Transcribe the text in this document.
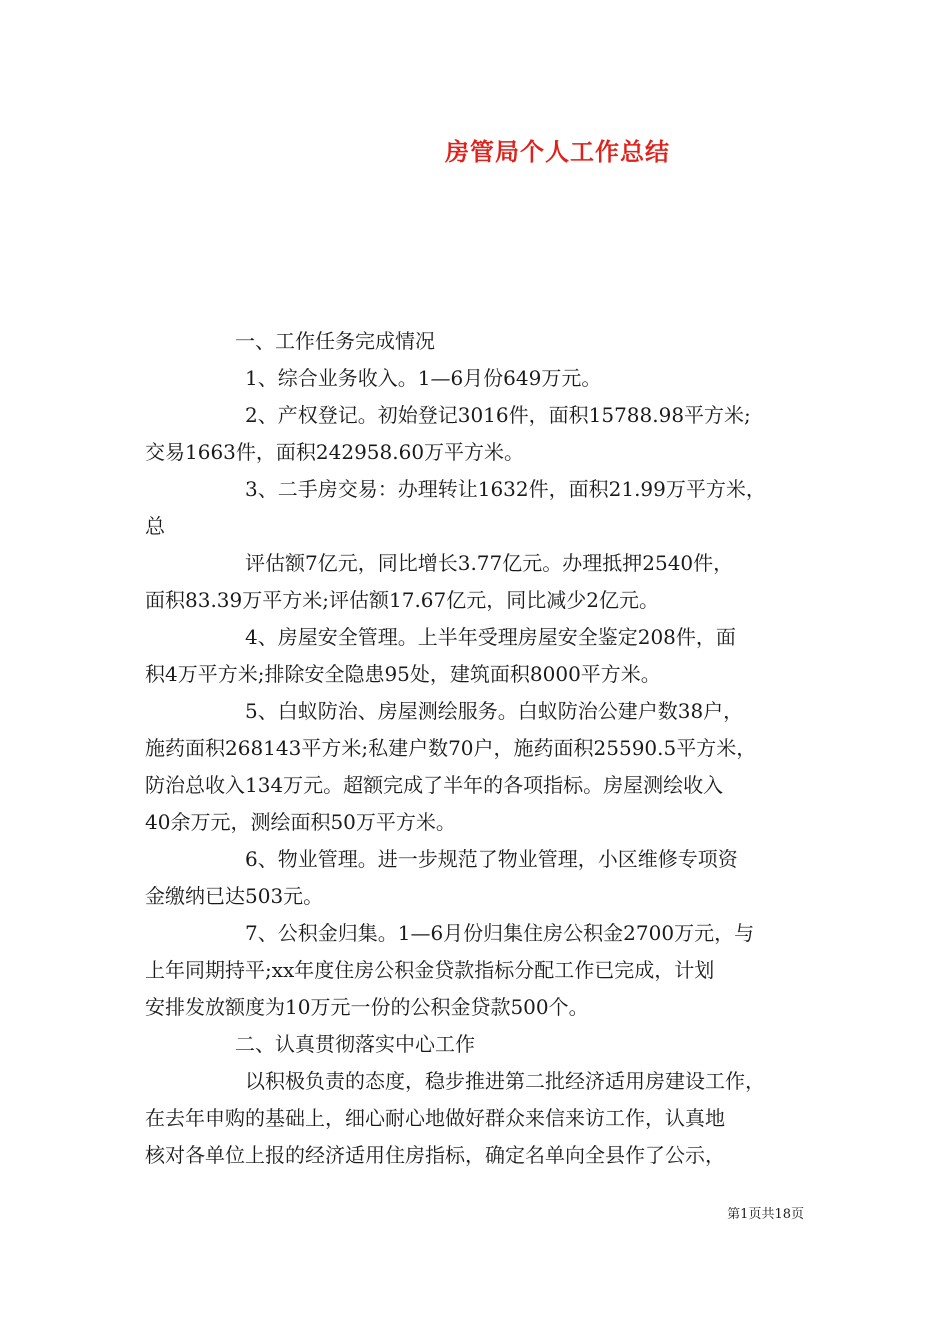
房管局个人工作总结

一、工作任务完成情况

1、综合业务收入。1—6月份649万元。

2、产权登记。初始登记3016件，面积15788.98平方米;

交易1663件，面积242958.60万平方米。

3、二手房交易：办理转让1632件，面积21.99万平方米，

总

评估额7亿元，同比增长3.77亿元。办理抵押2540件，

面积83.39万平方米;评估额17.67亿元，同比减少2亿元。

4、房屋安全管理。上半年受理房屋安全鉴定208件，面

积4万平方米;排除安全隐患95处，建筑面积8000平方米。

5、白蚁防治、房屋测绘服务。白蚁防治公建户数38户，

施药面积268143平方米;私建户数70户，施药面积25590.5平方米，

防治总收入134万元。超额完成了半年的各项指标。房屋测绘收入

40余万元，测绘面积50万平方米。

6、物业管理。进一步规范了物业管理，小区维修专项资

金缴纳已达503元。

7、公积金归集。1—6月份归集住房公积金2700万元，与

上年同期持平;xx年度住房公积金贷款指标分配工作已完成，计划

安排发放额度为10万元一份的公积金贷款500个。

二、认真贯彻落实中心工作

以积极负责的态度，稳步推进第二批经济适用房建设工作，

在去年申购的基础上，细心耐心地做好群众来信来访工作，认真地

核对各单位上报的经济适用住房指标，确定名单向全县作了公示，

第1页共18页
